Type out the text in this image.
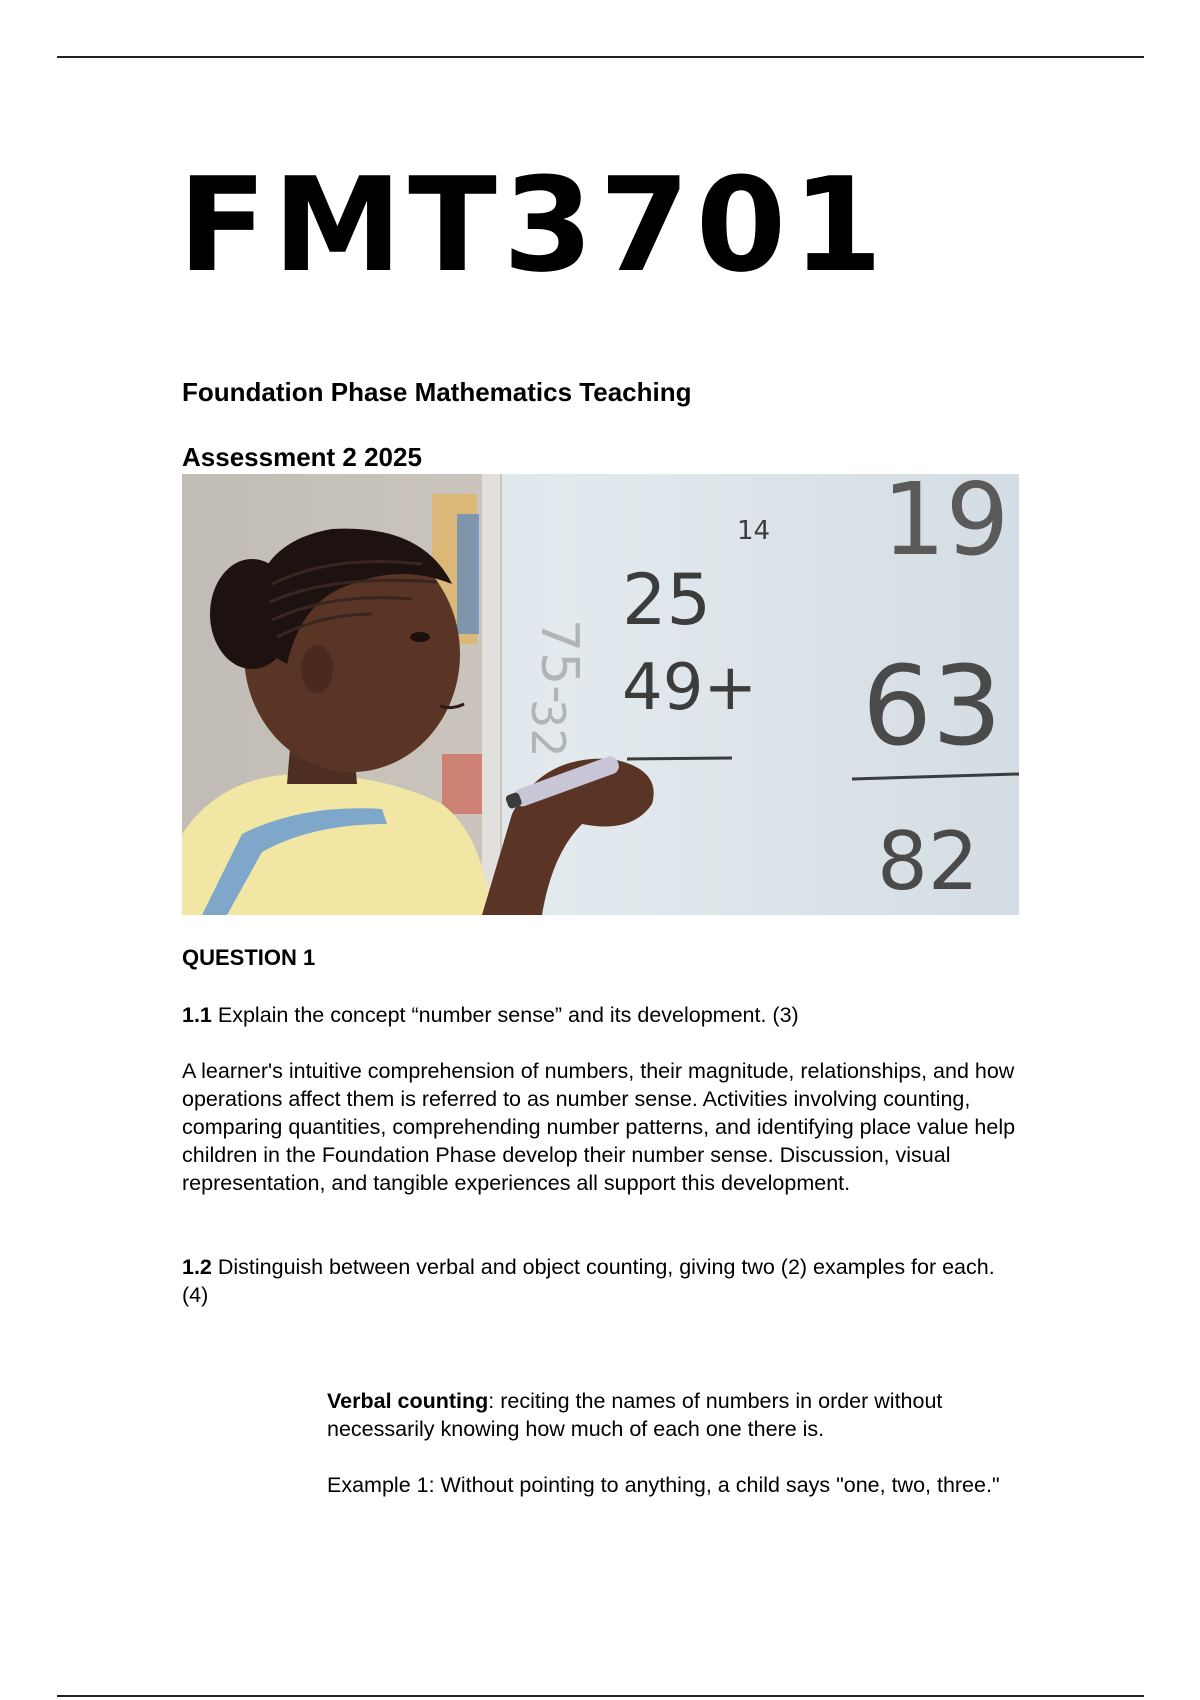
FMT3701
Foundation Phase Mathematics Teaching
Assessment 2 2025
14
25
49+
75-
32
19
63
82
QUESTION 1

1.1 Explain the concept “number sense” and its development. (3)

A learner's intuitive comprehension of numbers, their magnitude, relationships, and how operations affect them is referred to as number sense. Activities involving counting, comparing quantities, comprehending number patterns, and identifying place value help children in the Foundation Phase develop their number sense. Discussion, visual representation, and tangible experiences all support this development.

1.2 Distinguish between verbal and object counting, giving two (2) examples for each. (4)

Verbal counting: reciting the names of numbers in order without necessarily knowing how much of each one there is.

Example 1: Without pointing to anything, a child says "one, two, three."
